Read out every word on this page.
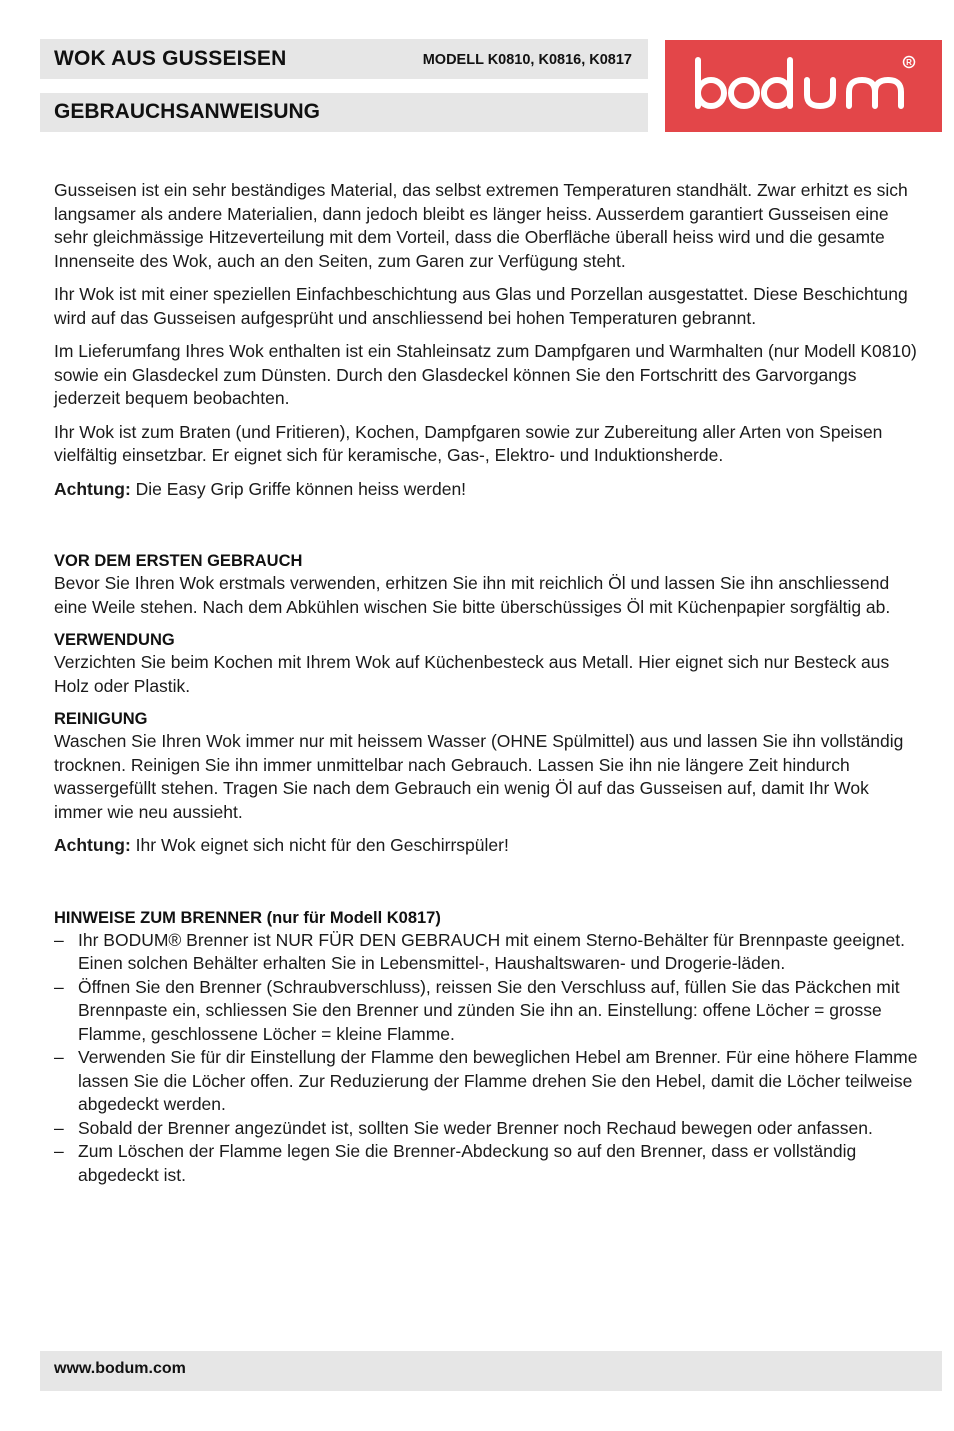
WOK AUS GUSSEISEN	MODELL K0810, K0816, K0817
GEBRAUCHSANWEISUNG
R

Gusseisen ist ein sehr beständiges Material, das selbst extremen Temperaturen standhält. Zwar erhitzt es sich langsamer als andere Materialien, dann jedoch bleibt es länger heiss. Ausserdem garantiert Gusseisen eine sehr gleichmässige Hitzeverteilung mit dem Vorteil, dass die Oberfläche überall heiss wird und die gesamte Innenseite des Wok, auch an den Seiten, zum Garen zur Verfügung steht.

Ihr Wok ist mit einer speziellen Einfachbeschichtung aus Glas und Porzellan ausgestattet. Diese Beschichtung wird auf das Gusseisen aufgesprüht und anschliessend bei hohen Temperaturen gebrannt.

Im Lieferumfang Ihres Wok enthalten ist ein Stahleinsatz zum Dampfgaren und Warmhalten (nur Modell K0810) sowie ein Glasdeckel zum Dünsten. Durch den Glasdeckel können Sie den Fortschritt des Garvorgangs jederzeit bequem beobachten.

Ihr Wok ist zum Braten (und Fritieren), Kochen, Dampfgaren sowie zur Zubereitung aller Arten von Speisen vielfältig einsetzbar. Er eignet sich für keramische, Gas-, Elektro- und Induktionsherde.

Achtung: Die Easy Grip Griffe können heiss werden!

VOR DEM ERSTEN GEBRAUCH

Bevor Sie Ihren Wok erstmals verwenden, erhitzen Sie ihn mit reichlich Öl und lassen Sie ihn anschliessend eine Weile stehen. Nach dem Abkühlen wischen Sie bitte überschüssiges Öl mit Küchenpapier sorgfältig ab.

VERWENDUNG

Verzichten Sie beim Kochen mit Ihrem Wok auf Küchenbesteck aus Metall. Hier eignet sich nur Besteck aus Holz oder Plastik.

REINIGUNG

Waschen Sie Ihren Wok immer nur mit heissem Wasser (OHNE Spülmittel) aus und lassen Sie ihn vollständig trocknen. Reinigen Sie ihn immer unmittelbar nach Gebrauch. Lassen Sie ihn nie längere Zeit hindurch wassergefüllt stehen. Tragen Sie nach dem Gebrauch ein wenig Öl auf das Gusseisen auf, damit Ihr Wok immer wie neu aussieht.

Achtung: Ihr Wok eignet sich nicht für den Geschirrspüler!

HINWEISE ZUM BRENNER (nur für Modell K0817)
– Ihr BODUM® Brenner ist NUR FÜR DEN GEBRAUCH mit einem Sterno-Behälter für Brennpaste geeignet. Einen solchen Behälter erhalten Sie in Lebensmittel-, Haushaltswaren- und Drogerie-läden.
– Öffnen Sie den Brenner (Schraubverschluss), reissen Sie den Verschluss auf, füllen Sie das Päckchen mit Brennpaste ein, schliessen Sie den Brenner und zünden Sie ihn an. Einstellung: offene Löcher = grosse Flamme, geschlossene Löcher = kleine Flamme.
– Verwenden Sie für dir Einstellung der Flamme den beweglichen Hebel am Brenner. Für eine höhere Flamme lassen Sie die Löcher offen. Zur Reduzierung der Flamme drehen Sie den Hebel, damit die Löcher teilweise abgedeckt werden.
– Sobald der Brenner angezündet ist, sollten Sie weder Brenner noch Rechaud bewegen oder anfassen.
– Zum Löschen der Flamme legen Sie die Brenner-Abdeckung so auf den Brenner, dass er vollständig abgedeckt ist.
www.bodum.com
